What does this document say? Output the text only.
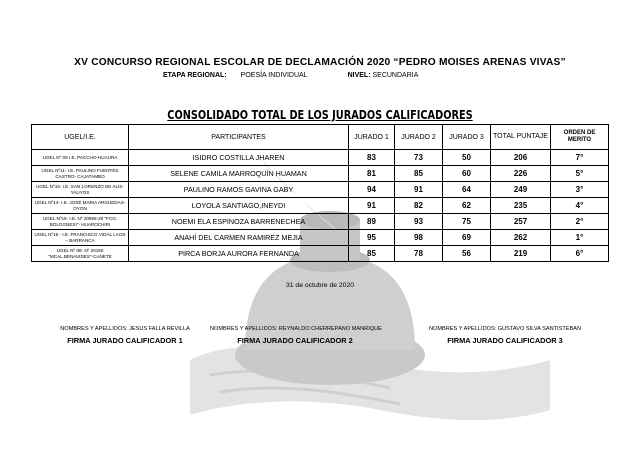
XV CONCURSO REGIONAL ESCOLAR DE DECLAMACIÓN 2020 “PEDRO MOISES ARENAS VIVAS”
ETAPA REGIONAL: POESÍA INDIVIDUAL	NIVEL: SECUNDARIA
CONSOLIDADO TOTAL DE LOS JURADOS CALIFICADORES
UGEL/I.E.	PARTICIPANTES	JURADO 1	JURADO 2	JURADO 3	TOTAL PUNTAJE	ORDEN DE MERITO
UGEL Nº 09 I.E. PACCHO-HUAURA	ISIDRO COSTILLA JHAREN	83	73	50	206	7°
UGEL Nº11- I.E. PAULINO FUENTES CASTRO- CAJATAMBO	SELENE CAMILA MARROQUÍN HUAMAN	81	85	60	226	5°
UGEL Nº15- I.E. SAN LORENZO DE ALIS-YAUYOS	PAULINO RAMOS GAVINA GABY	94	91	64	249	3°
UGEL Nº14- I.E. JOSÉ MARIA ARGUEDAS-OYON	LOYOLA SANTIAGO,INEYDI	91	82	62	235	4°
UGEL Nº15- I.E. Nº 20955-28 "FCO. BOLOGNESI"- HUAROCHIRI	NOEMI ELA ESPINOZA BARRENECHEA	89	93	75	257	2°
UGEL Nº16 - I.E. FRANCISCO VIDAL LAOS – BARRANCA	ANAHÍ DEL CARMEN RAMIREZ MEJIA	95	98	69	262	1°
UGEL Nº 08- Nº 20150 "MCAL.BENAVIDES"-CAÑETE	PIRCA BORJA AURORA FERNANDA	85	78	56	219	6°
31 de octubre de 2020
NOMBRES Y APELLIDOS: JESUS FALLA REVILLA
FIRMA JURADO CALIFICADOR 1
NOMBRES Y APELLIDOS: REYNALDO CHERREPANO MANRIQUE
FIRMA JURADO CALIFICADOR 2
NOMBRES Y APELLIDOS: GUSTAVO SILVA SANTISTEBAN
FIRMA JURADO CALIFICADOR 3
